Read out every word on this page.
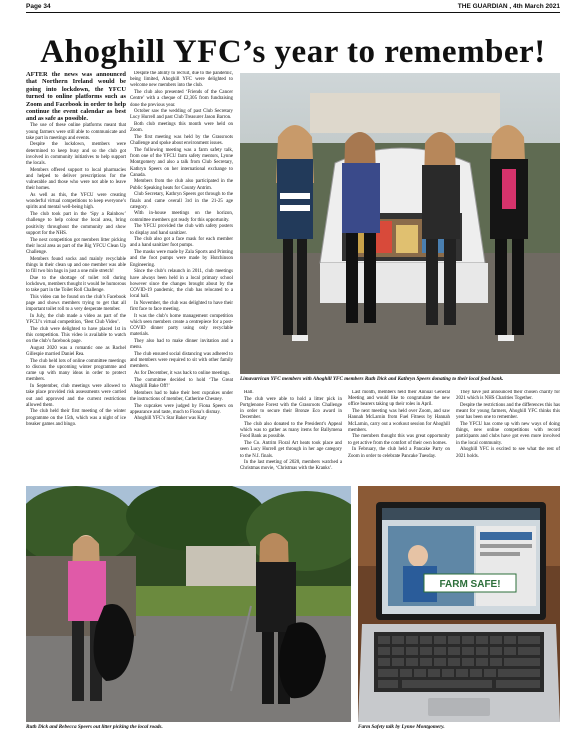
Page 34	THE GUARDIAN , 4th March 2021
Ahoghill YFC’s year to remember!

AFTER the news was announced that Northern Ireland would be going into lockdown, the YFCU turned to online platforms such as Zoom and Facebook in order to help continue the event calendar as best and as safe as possible.

The use of these online platforms meant that young farmers were still able to communicate and take part in meetings and events.

Despite the lockdown, members were determined to keep busy and so the club got involved in community initiatives to help support the locals.

Members offered support to local pharmacies and helped to deliver prescriptions for the vulnerable and those who were not able to leave their homes.

As well as this, the YFCU were creating wonderful virtual competitions to keep everyone’s spirits and mental well-being high.

The club took part in the ‘Spy a Rainbow’ challenge to help colour the local area, bring positivity throughout the community and show support for the NHS.

The next competition got members litter picking their local area as part of the Big YFCU Clean Up Challenge.

Members found socks and mainly recyclable things in their clean up and one member was able to fill two bin bags in just a one mile stretch!

Due to the shortage of toilet roll during lockdown, members thought it would be humorous to take part in the Toilet Roll Challenge.

This video can be found on the club’s Facebook page and shows members trying to get that all important toilet roll to a very desperate member.

In July, the club made a video as part of the YFCU’s virtual competition, ‘Best Club Video’.

The club were delighted to have placed 1st in this competition. This video is available to watch on the club’s facebook page.

August 2020 was a romantic one as Rachel Gillespie married Daniel Rea.

The club held lots of online committee meetings to discuss the upcoming winter programme and came up with many ideas in order to protect members.

In September, club meetings were allowed to take place provided risk assessments were carried out and approved and the current restrictions allowed them.

The club held their first meeting of the winter programme on the 15th, which was a night of ice breaker games and bingo.

Despite the ability to recruit, due to the pandemic, being limited, Ahoghill YFC were delighted to welcome new members into the club.

The club also presented ‘Friends of the Cancer Centre’ with a cheque of £2,305 from fundraising done the previous year.

October saw the wedding of past Club Secretary Lucy Hurrell and past Club Treasurer Jason Barron.

Both club meetings this month were held on Zoom.

The first meeting was held by the Grassroots Challenge and spoke about environment issues.

The following meeting was a farm safety talk, from one of the YFCU farm safety mentors, Lynne Montgomery and also a talk from Club Secretary, Kathryn Speers on her international exchange to Canada.

Members from the club also participated in the Public Speaking heats for County Antrim.

Club Secretary, Kathryn Speers got through to the finals and came overall 3rd in the 21-25 age category.

With in-house meetings on the horizon, committee members got ready for this opportunity.

The YFCU provided the club with safety posters to display and hand sanitizer.

The club also got a face mask for each member and a hand sanitizer foot pumps.

The masks were made by Zala Sports and Printing and the foot pumps were made by Hutchinson Engineering.

Since the club’s relaunch in 2011, club meetings have always been held in a local primary school however since the changes brought about by the COVID-19 pandemic, the club has relocated to a local hall.

In November, the club was delighted to have their first face to face meeting.

It was the club’s home management competition which seen members create a centrepiece for a post-COVID dinner party using only recyclable materials.

They also had to make dinner invitation and a menu.

The club ensured social distancing was adhered to and members were required to sit with other family members.

As for December, it was back to online meetings.

The committee decided to hold ‘The Great Ahoghill Bake Off!’

Members had to bake their best cupcakes under the instructions of member, Catherine Chesney.

The cupcakes were judged by Fiona Speers on appearance and taste, much to Fiona’s dismay.

Ahoghill YFC’s Star Baker was Katy

Hall.

The club were able to hold a litter pick in Portglenone Forest with the Grassroots Challenge in order to secure their Bronze Eco award in December.

The club also donated to the President’s Appeal which was to gather as many items for Ballymena Food Bank as possible.

The Co. Antrim Floral Art heats took place and seen Lucy Hurrell get through in her age category to the N.I. finals.

In the last meeting of 2020, members watched a Christmas movie, ‘Christmas with the Kranks’.

Last month, members held their Annual General Meeting and would like to congratulate the new office bearers taking up their roles in April.

The next meeting was held over Zoom, and saw Hannah McLarnin from Fuel Fitness by Hannah McLarnin, carry out a workout session for Ahoghill members.

The members thought this was great opportunity to get active from the comfort of their own homes.

In February, the club held a Pancake Party on Zoom in order to celebrate Pancake Tuesday.

They have just announced their chosen charity for 2021 which is NHS Charities Together.

Despite the restrictions and the differences this has meant for young farmers, Ahoghill YFC thinks this year has been one to remember.

The YFCU has come up with new ways of doing things, new online competitions with record participants and clubs have got even more involved in the local community.

Ahoghill YFC is excited to see what the rest of 2021 holds.

Limavarrican YFC members with Ahoghill YFC members Ruth Dick and Kathryn Speers donating to their local food bank.
Ruth Dick and Rebecca Speers out litter picking the local roads.
FARM SAFE!
Farm Safety talk by Lynne Montgomery.
